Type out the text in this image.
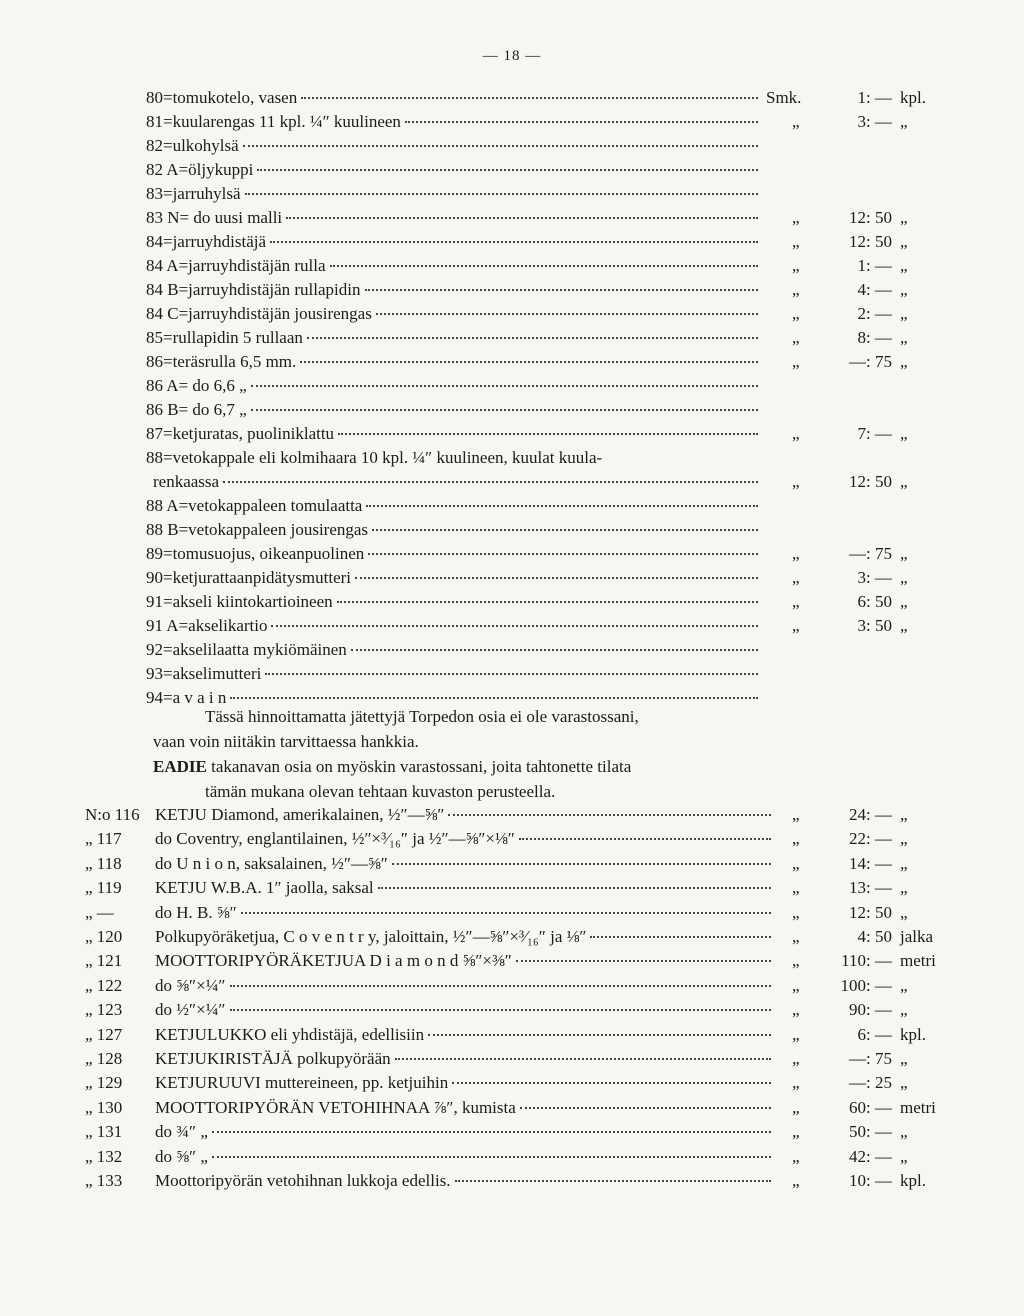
— 18 —
80=tomukotelo, vasen	Smk.	1: — kpl.
81=kuularengas 11 kpl. ¼″ kuulineen	„	3: — „
82=ulkohylsä
82 A=öljykuppi
83=jarruhylsä
83 N= do uusi malli	„	12: 50 „
84=jarruyhdistäjä	„	12: 50 „
84 A=jarruyhdistäjän rulla	„	1: — „
84 B=jarruyhdistäjän rullapidin	„	4: — „
84 C=jarruyhdistäjän jousirengas	„	2: — „
85=rullapidin 5 rullaan	„	8: — „
86=teräsrulla 6,5 mm.	„	—: 75 „
86 A= do 6,6 „
86 B= do 6,7 „
87=ketjuratas, puoliniklattu	„	7: — „
88=vetokappale eli kolmihaara 10 kpl. ¼″ kuulineen, kuulat kuula-
renkaassa	„	12: 50 „
88 A=vetokappaleen tomulaatta
88 B=vetokappaleen jousirengas
89=tomusuojus, oikeanpuolinen	„	—: 75 „
90=ketjurattaanpidätysmutteri	„	3: — „
91=akseli kiintokartioineen	„	6: 50 „
91 A=akselikartio	„	3: 50 „
92=akselilaatta mykiömäinen
93=akselimutteri
94=a v a i n
Tässä hinnoittamatta jätettyjä Torpedon osia ei ole varastossani,
vaan voin niitäkin tarvittaessa hankkia.
EADIE takanavan osia on myöskin varastossani, joita tahtonette tilata
tämän mukana olevan tehtaan kuvaston perusteella.
N:o 116 KETJU Diamond, amerikalainen, ½″—⅝″	„	24: — „
„ 117	do Coventry, englantilainen, ½″×³⁄₁₆″ ja ½″—⅝″×⅛″	„	22: — „
„ 118	do U n i o n, saksalainen, ½″—⅝″	„	14: — „
„ 119	KETJU W.B.A. 1″ jaolla, saksal	„	13: — „
„ —	do H. B. ⅝″	„	12: 50 „
„ 120	Polkupyöräketjua, C o v e n t r y, jaloittain, ½″—⅝″×³⁄₁₆″ ja ⅛″	„	4: 50 jalka
„ 121	MOOTTORIPYÖRÄKETJUA D i a m o n d ⅝″×⅜″	„	110: — metri
„ 122	do ⅝″×¼″	„	100: — „
„ 123	do ½″×¼″	„	90: — „
„ 127	KETJULUKKO eli yhdistäjä, edellisiin	„	6: — kpl.
„ 128	KETJUKIRISTÄJÄ polkupyörään	„	—: 75 „
„ 129	KETJURUUVI muttereineen, pp. ketjuihin	„	—: 25 „
„ 130	MOOTTORIPYÖRÄN VETOHIHNAA ⅞″, kumista	„	60: — metri
„ 131	do ¾″ „	„	50: — „
„ 132	do ⅝″ „	„	42: — „
„ 133	Moottoripyörän vetohihnan lukkoja edellis.	„	10: — kpl.
